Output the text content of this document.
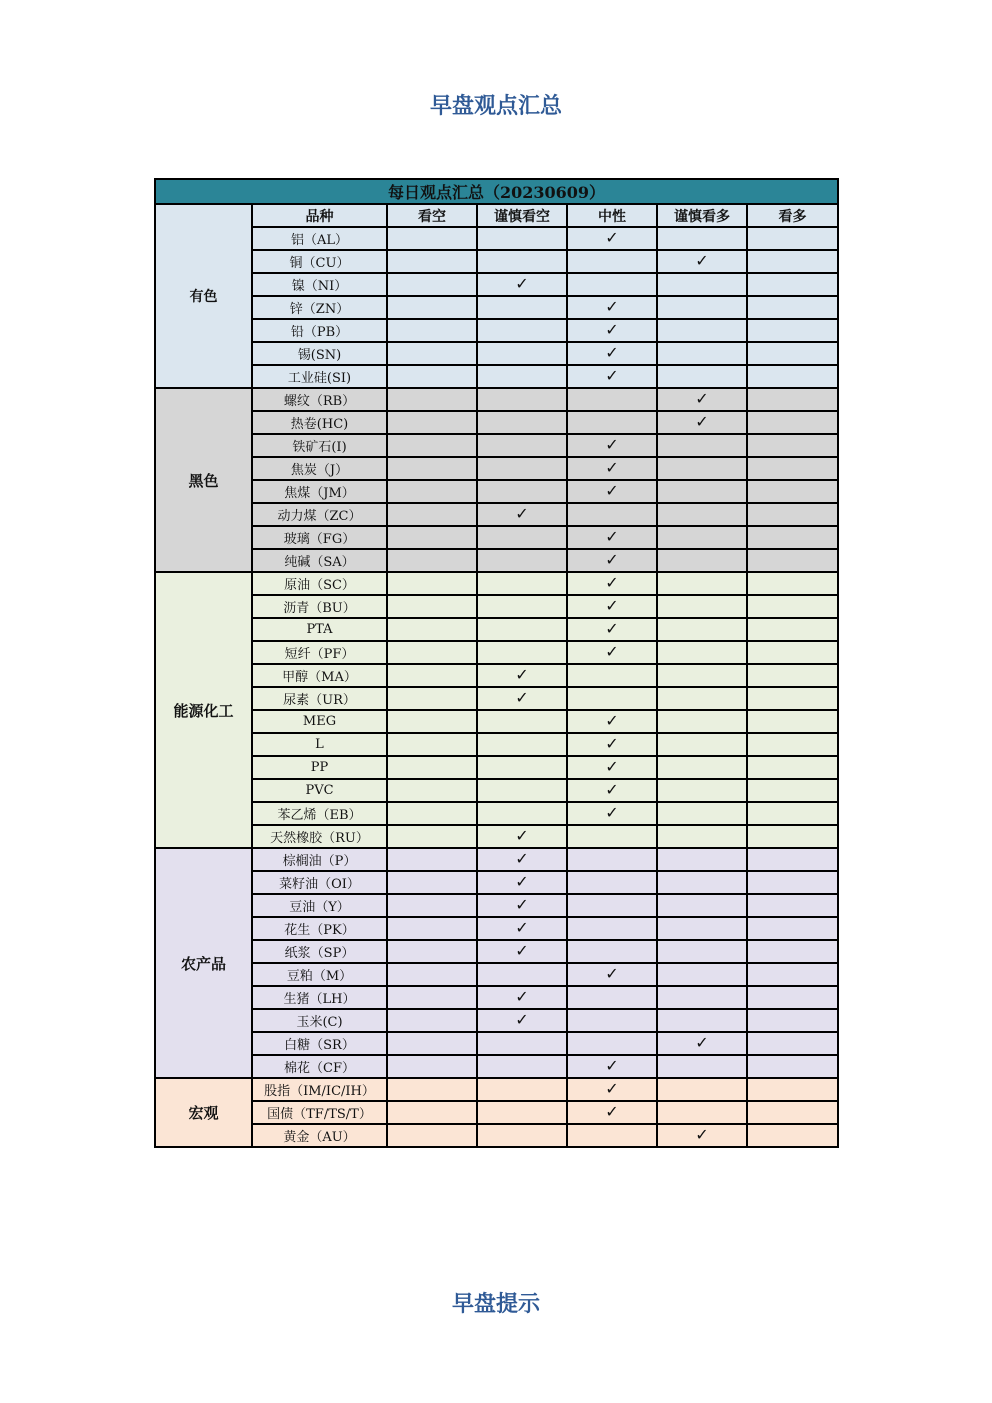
早盘观点汇总
每日观点汇总（20230609）						
有色	品种	看空	谨慎看空	中性	谨慎看多	看多
	铝（AL）			✓		
	铜（CU）				✓	
	镍（NI）		✓			
	锌（ZN）			✓		
	铅（PB）			✓		
	锡(SN)			✓		
	工业硅(SI)			✓		
黑色	螺纹（RB）				✓	
	热卷(HC)				✓	
	铁矿石(I)			✓		
	焦炭（J）			✓		
	焦煤（JM）			✓		
	动力煤（ZC）		✓			
	玻璃（FG）			✓		
	纯碱（SA）			✓		
能源化工	原油（SC）			✓		
	沥青（BU）			✓		
	PTA			✓		
	短纤（PF）			✓		
	甲醇（MA）		✓			
	尿素（UR）		✓			
	MEG			✓		
	L			✓		
	PP			✓		
	PVC			✓		
	苯乙烯（EB）			✓		
	天然橡胶（RU）		✓			
农产品	棕榈油（P）		✓			
	菜籽油（OI）		✓			
	豆油（Y）		✓			
	花生（PK）		✓			
	纸浆（SP）		✓			
	豆粕（M）			✓		
	生猪（LH）		✓			
	玉米(C)		✓			
	白糖（SR）				✓	
	棉花（CF）			✓		
宏观	股指（IM/IC/IH）			✓		
	国债（TF/TS/T）			✓		
	黄金（AU）				✓	
早盘提示
